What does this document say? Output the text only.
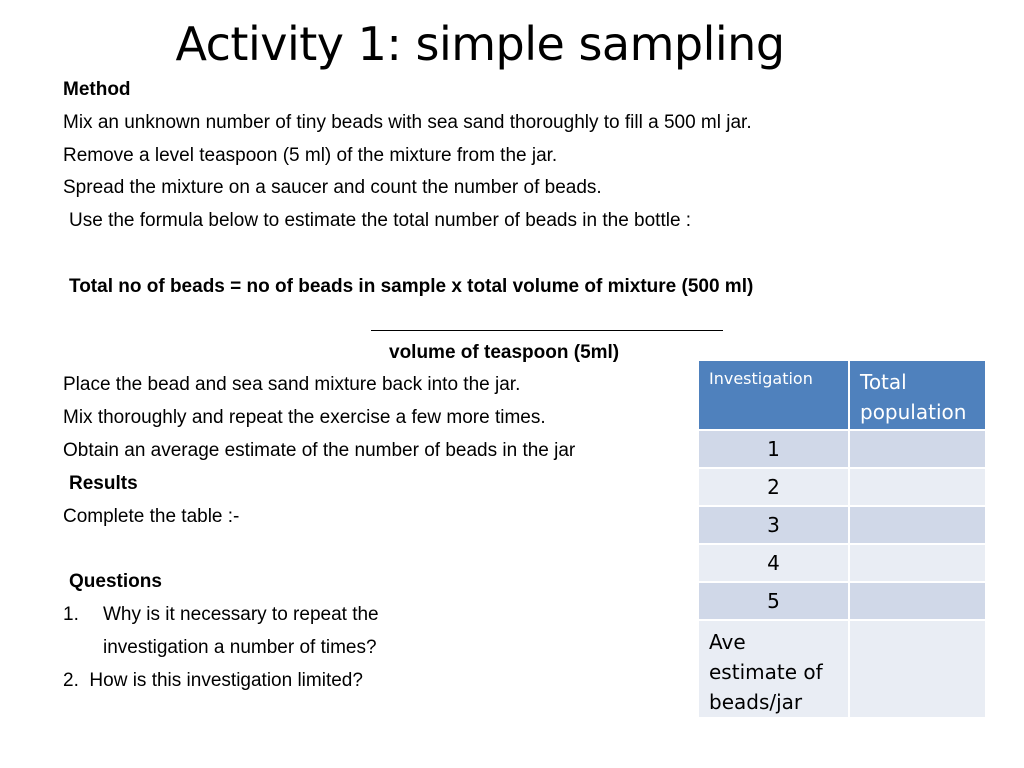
Activity 1: simple sampling

Method

Mix an unknown number of tiny beads with sea sand thoroughly to fill a 500 ml jar.

Remove a level teaspoon (5 ml) of the mixture from the jar.

Spread the mixture on a saucer and count the number of beads.

Use the formula below to estimate the total number of beads in the bottle :

Total no of beads = no of beads in sample x total volume of mixture (500 ml)

volume of teaspoon (5ml)

Place the bead and sea sand mixture back into the jar.

Mix thoroughly and repeat the exercise a few more times.

Obtain an average estimate of the number of beads in the jar

Results

Complete the table :-

Questions

1. Why is it necessary to repeat the

investigation a number of times?

2. How is this investigation limited?

Investigation	Total population
1	
2	
3	
4	
5	
Ave estimate of beads/jar	
